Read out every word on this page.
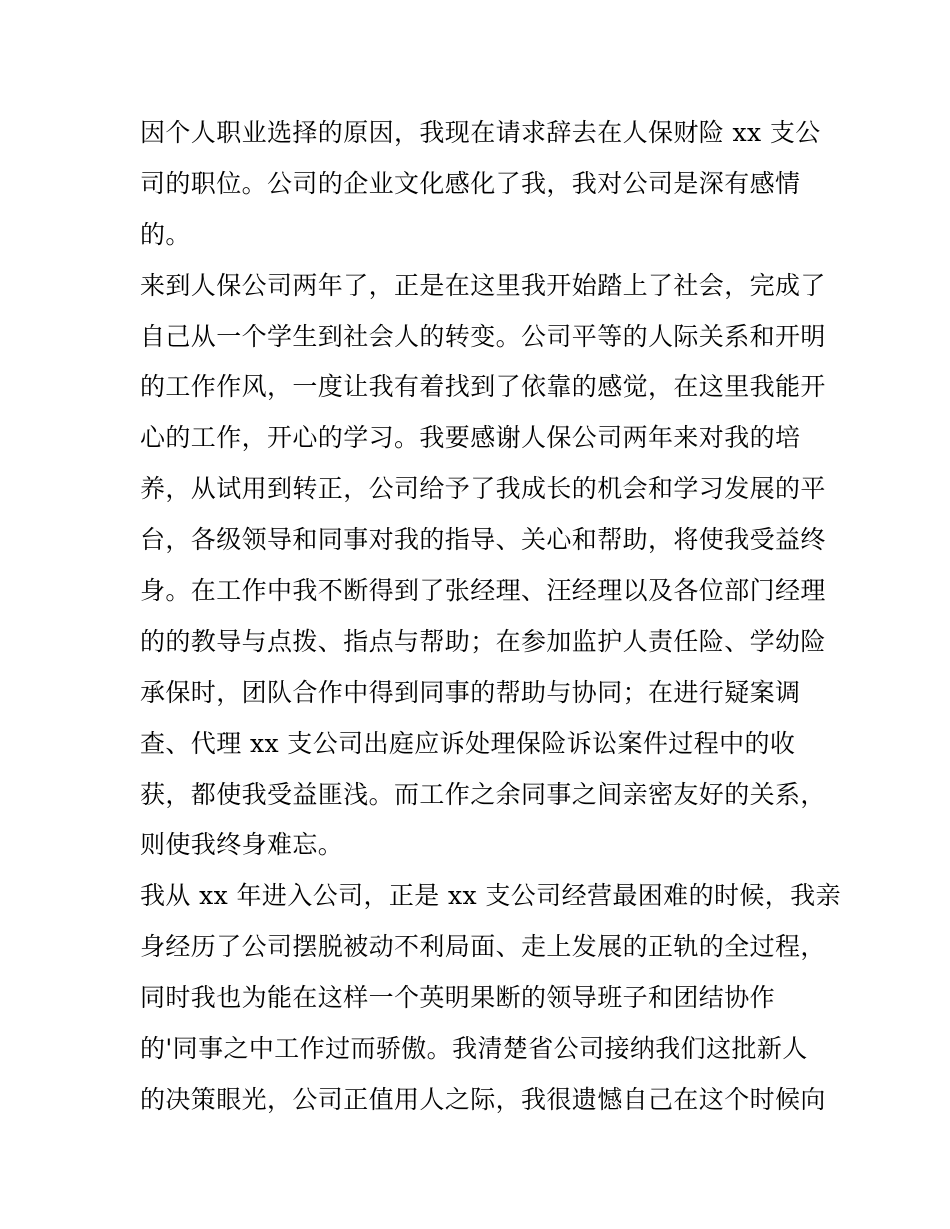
因个人职业选择的原因，我现在请求辞去在人保财险 xx 支公
司的职位。公司的企业文化感化了我，我对公司是深有感情
的。
来到人保公司两年了，正是在这里我开始踏上了社会，完成了
自己从一个学生到社会人的转变。公司平等的人际关系和开明
的工作作风，一度让我有着找到了依靠的感觉，在这里我能开
心的工作，开心的学习。我要感谢人保公司两年来对我的培
养，从试用到转正，公司给予了我成长的机会和学习发展的平
台，各级领导和同事对我的指导、关心和帮助，将使我受益终
身。在工作中我不断得到了张经理、汪经理以及各位部门经理
的的教导与点拨、指点与帮助；在参加监护人责任险、学幼险
承保时，团队合作中得到同事的帮助与协同；在进行疑案调
查、代理 xx 支公司出庭应诉处理保险诉讼案件过程中的收
获，都使我受益匪浅。而工作之余同事之间亲密友好的关系，
则使我终身难忘。
我从 xx 年进入公司，正是 xx 支公司经营最困难的时候，我亲
身经历了公司摆脱被动不利局面、走上发展的正轨的全过程，
同时我也为能在这样一个英明果断的领导班子和团结协作
的'同事之中工作过而骄傲。我清楚省公司接纳我们这批新人
的决策眼光，公司正值用人之际，我很遗憾自己在这个时候向
